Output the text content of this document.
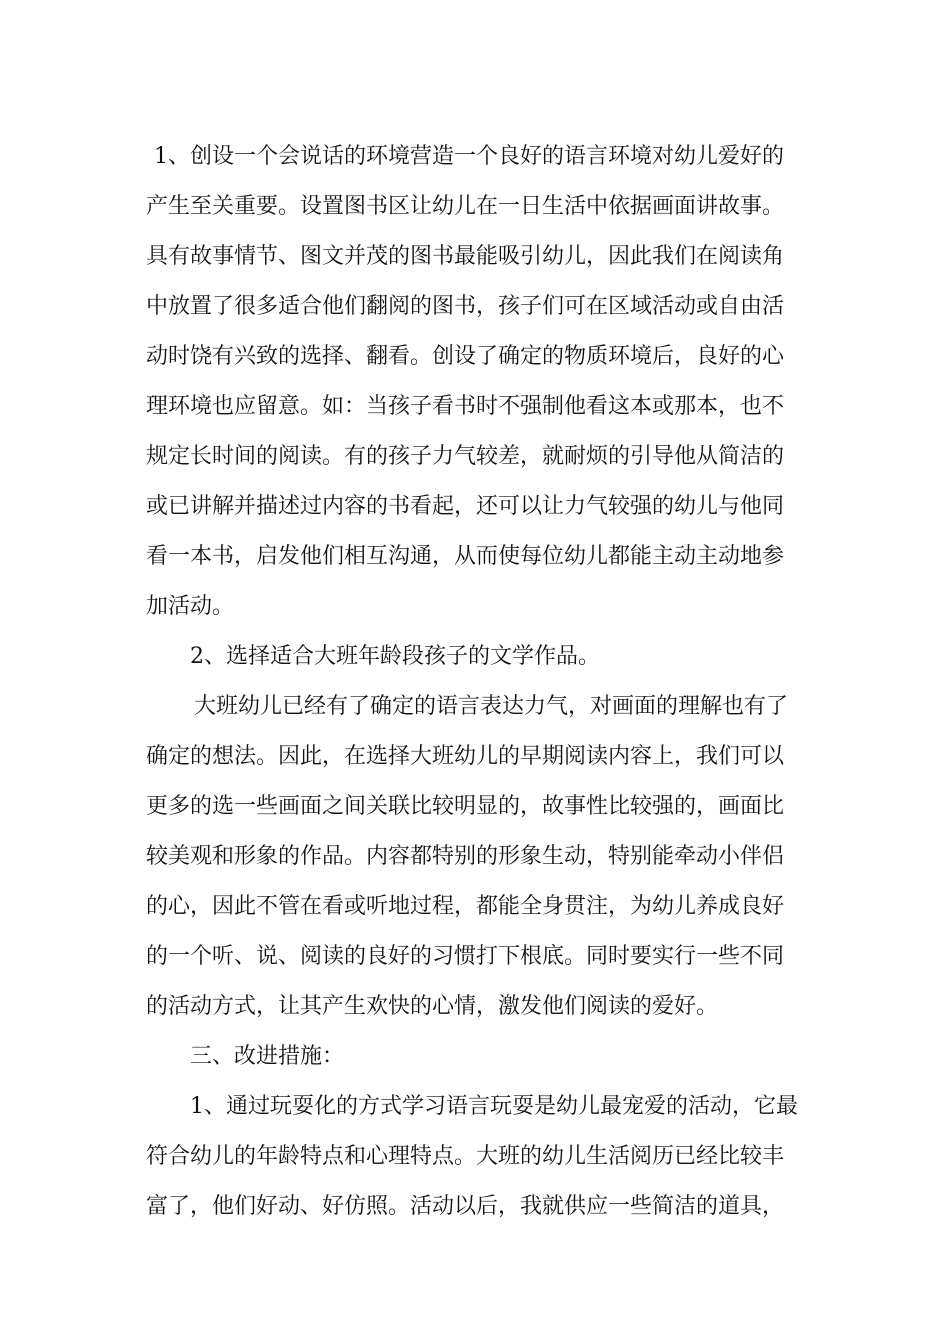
1、创设一个会说话的环境营造一个良好的语言环境对幼儿爱好的
产生至关重要。设置图书区让幼儿在一日生活中依据画面讲故事。
具有故事情节、图文并茂的图书最能吸引幼儿，因此我们在阅读角
中放置了很多适合他们翻阅的图书，孩子们可在区域活动或自由活
动时饶有兴致的选择、翻看。创设了确定的物质环境后，良好的心
理环境也应留意。如：当孩子看书时不强制他看这本或那本，也不
规定长时间的阅读。有的孩子力气较差，就耐烦的引导他从简洁的
或已讲解并描述过内容的书看起，还可以让力气较强的幼儿与他同
看一本书，启发他们相互沟通，从而使每位幼儿都能主动主动地参
加活动。
2、选择适合大班年龄段孩子的文学作品。
大班幼儿已经有了确定的语言表达力气，对画面的理解也有了
确定的想法。因此，在选择大班幼儿的早期阅读内容上，我们可以
更多的选一些画面之间关联比较明显的，故事性比较强的，画面比
较美观和形象的作品。内容都特别的形象生动，特别能牵动小伴侣
的心，因此不管在看或听地过程，都能全身贯注，为幼儿养成良好
的一个听、说、阅读的良好的习惯打下根底。同时要实行一些不同
的活动方式，让其产生欢快的心情，激发他们阅读的爱好。
三、改进措施：
1、通过玩耍化的方式学习语言玩耍是幼儿最宠爱的活动，它最
符合幼儿的年龄特点和心理特点。大班的幼儿生活阅历已经比较丰
富了，他们好动、好仿照。活动以后，我就供应一些简洁的道具，
